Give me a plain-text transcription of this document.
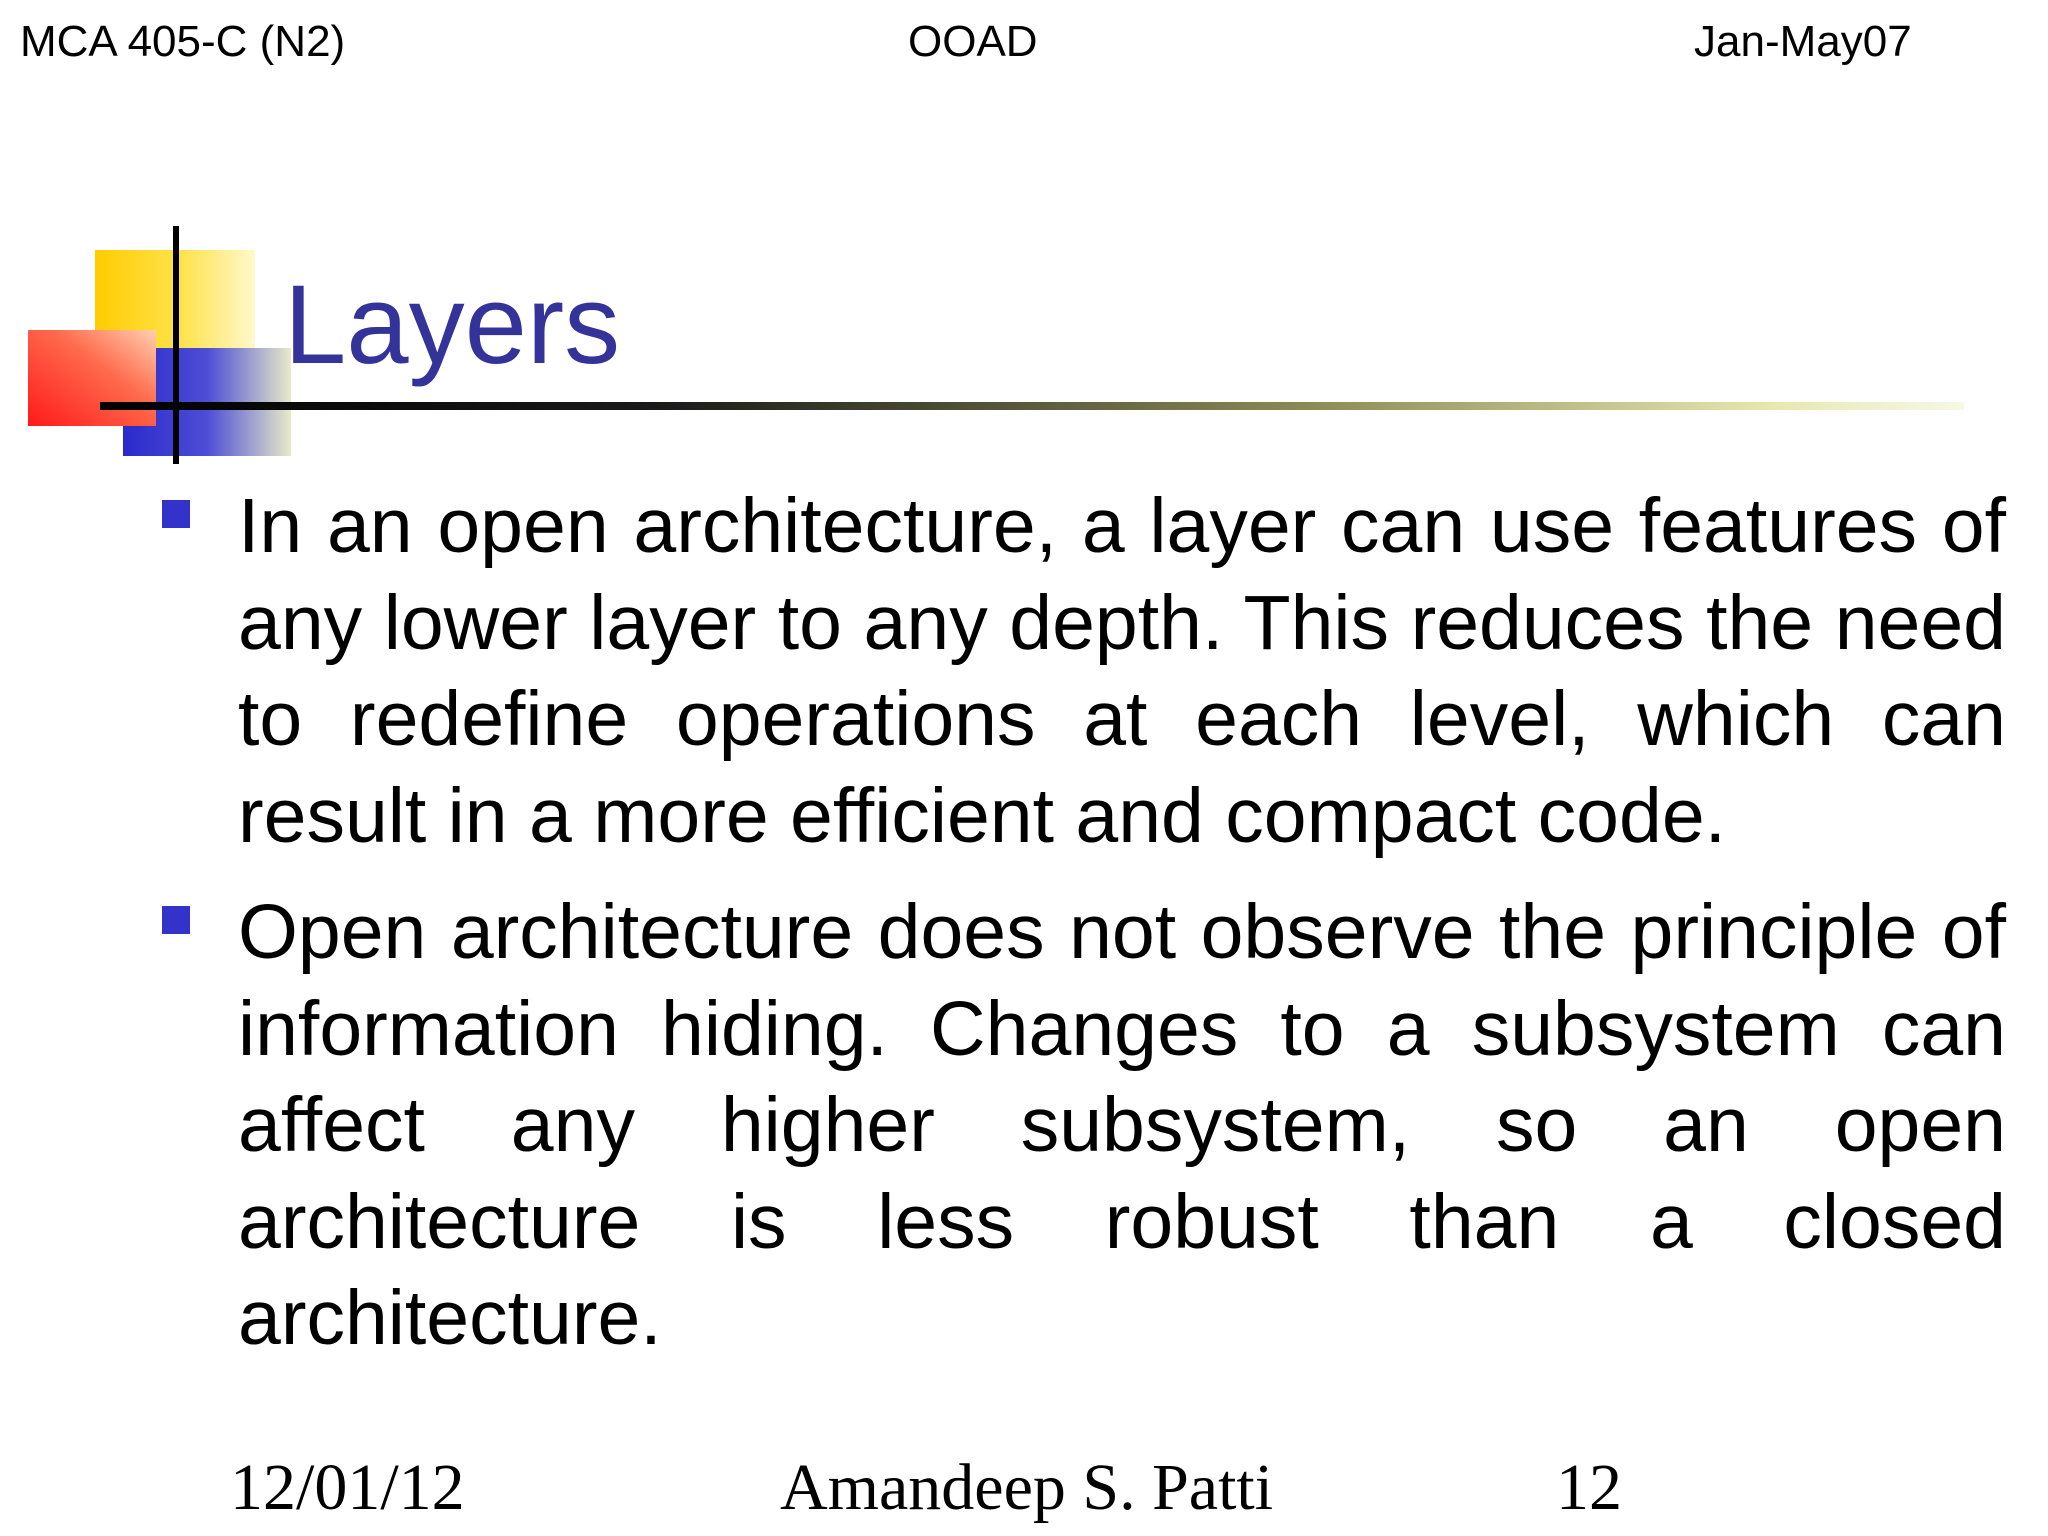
MCA 405-C (N2)	OOAD	Jan-May07
Layers
In an open architecture, a layer can use features of any lower layer to any depth. This reduces the need to redefine operations at each level, which can result in a more efficient and compact code.
Open architecture does not observe the principle of information hiding. Changes to a subsystem can affect any higher subsystem, so an open architecture is less robust than a closed architecture.
12/01/12	Amandeep S. Patti	12
